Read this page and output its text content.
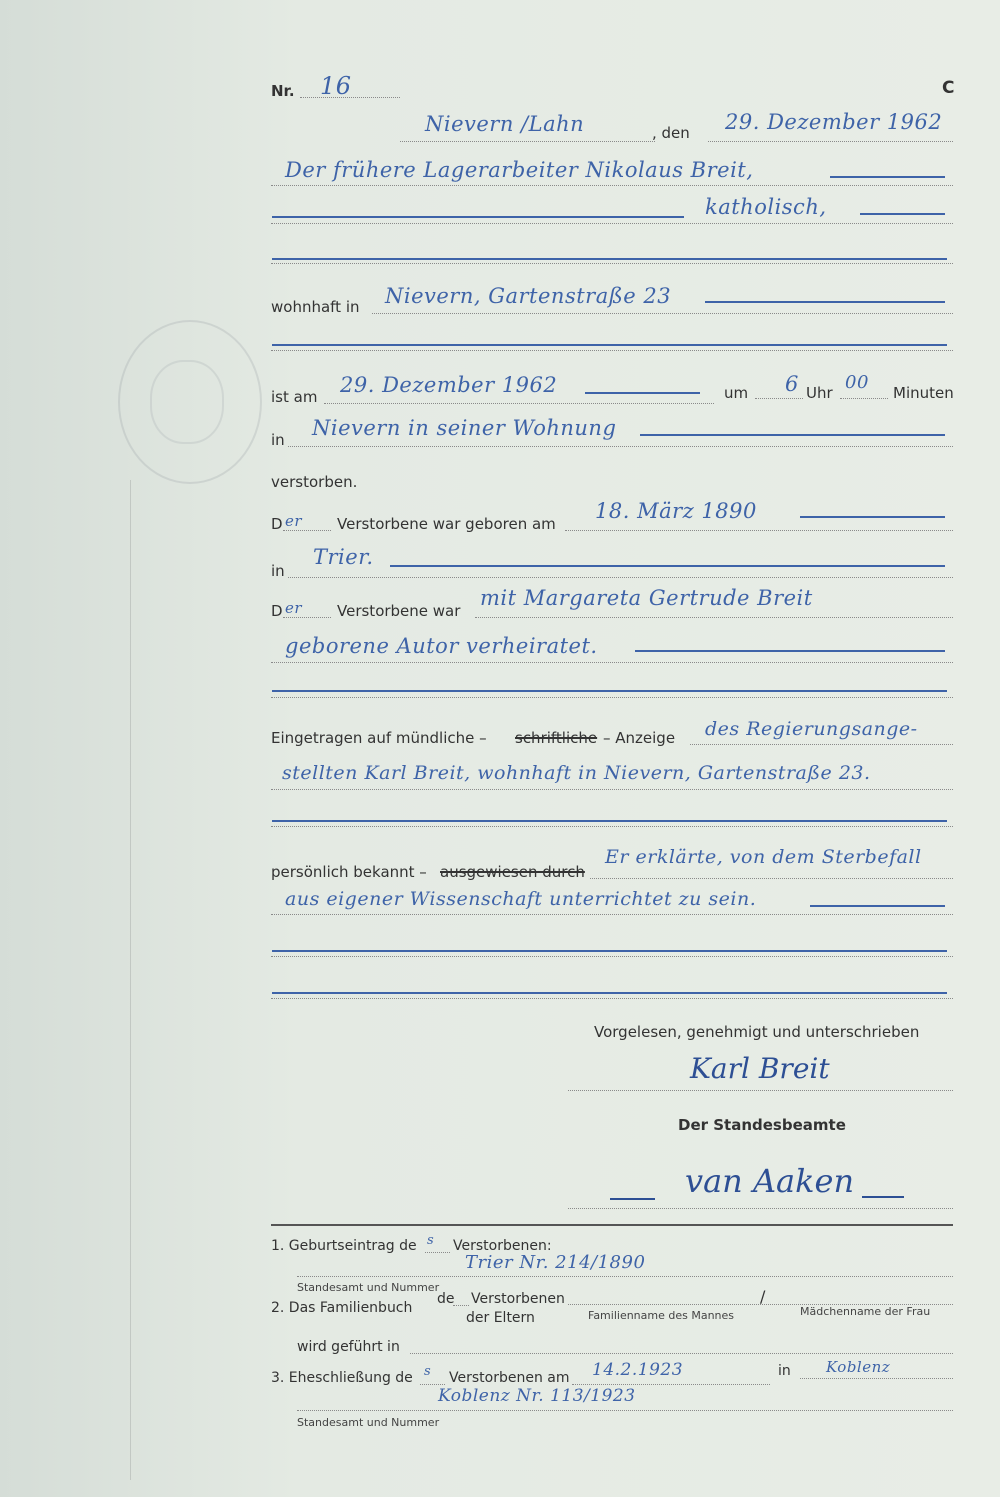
Nr. 16	C
Nievern /Lahn	, den 29. Dezember 1962
Der frühere Lagerarbeiter Nikolaus Breit,
katholisch,
wohnhaft in Nievern, Gartenstraße 23
ist am 29. Dezember 1962	um 6 Uhr 00 Minuten
in Nievern in seiner Wohnung
verstorben.
D er Verstorbene war geboren am
18. März 1890
in
Trier.
D er Verstorbene war
mit Margareta Gertrude Breit
geborene Autor verheiratet.
Eingetragen auf mündliche – schriftliche – Anzeige des Regierungsange-
stellten Karl Breit, wohnhaft in Nievern, Gartenstraße 23.
persönlich bekannt – ausgewiesen durch
Er erklärte, von dem Sterbefall
aus eigener Wissenschaft unterrichtet zu sein.
Vorgelesen, genehmigt und unterschrieben
Karl Breit
Der Standesbeamte
van Aaken
1. Geburtseintrag de s Verstorbenen:
Trier Nr. 214/1890
Standesamt und Nummer
2. Das Familienbuch
de Verstorbenen
der Eltern
/
Familienname des Mannes	Mädchenname der Frau
wird geführt in
3. Eheschließung de s Verstorbenen am 14.2.1923	in Koblenz
Koblenz Nr. 113/1923
Standesamt und Nummer
